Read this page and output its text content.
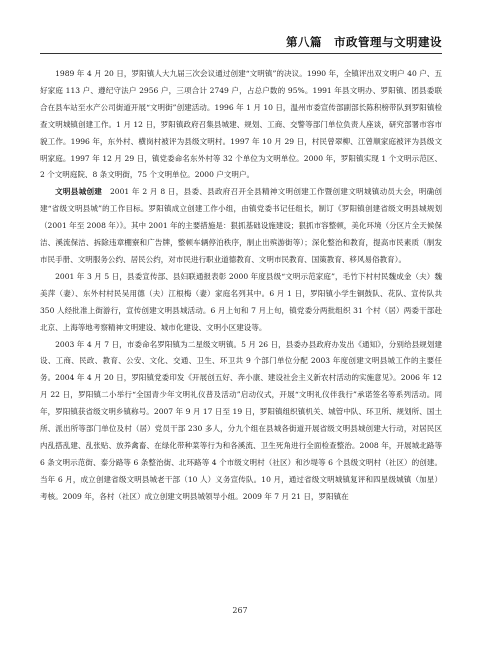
第八篇　市政管理与文明建设

1989 年 4 月 20 日，罗阳镇人大九届三次会议通过创建“文明镇”的决议。1990 年，全镇评出双文明户 40 户、五好家庭 113 户、遵纪守法户 2956 户，三项合计 2749 户，占总户数的 95%。1991 年县文明办、罗阳镇、团县委联合在县车站至水产公司街道开展“文明街”创建活动。1996 年 1 月 10 日，温州市委宣传部副部长陈积榜带队到罗阳镇检查文明城镇创建工作。1 月 12 日，罗阳镇政府召集县城建、规划、工商、交警等部门单位负责人座谈，研究部署市容市貌工作。1996 年，东外村、横岗村被评为县级文明村。1997 年 10 月 29 日，村民曾翠柳、江曾顺家庭被评为县级文明家庭。1997 年 12 月 29 日，镇党委命名东外村等 32 个单位为文明单位。2000 年，罗阳镇实现 1 个文明示范区、2 个文明庭院、8 条文明街，75 个文明单位。2000 户文明户。

文明县城创建　 2001 年 2 月 8 日，县委、县政府召开全县精神文明创建工作暨创建文明城镇动员大会，明确创建“省级文明县城”的工作目标。罗阳镇成立创建工作小组，由镇党委书记任组长，制订《罗阳镇创建省级文明县城规划（2001 年至 2008 年）》。其中 2001 年的主要措施是：狠抓基础设施建设；狠抓市容整顿，美化环境（分区片全天候保洁、溪流保洁、拆除违章棚寮和广告牌，整顿车辆停泊秩序，制止出殡游街等）；深化整治和教育，提高市民素质（制发市民手册、文明服务公约、居民公约，对市民进行职业道德教育、文明市民教育、国策教育、移风易俗教育）。

2001 年 3 月 5 日，县委宣传部、县妇联通报表彰 2000 年度县级“文明示范家庭”，毛竹下村村民魏成金（夫）魏美萍（妻）、东外村村民吴用德（夫）江根梅（妻）家庭名列其中。6 月 1 日，罗阳镇小学生铜鼓队、花队、宣传队共 350 人经批准上街游行，宣传创建文明县城活动。6 月上旬和 7 月上旬，镇党委分两批组织 31 个村（居）两委干部赴北京、上海等地考察精神文明建设、城市化建设、文明小区建设等。

2003 年 4 月 7 日，市委命名罗阳镇为二星级文明镇。5 月 26 日，县委办县政府办发出《通知》，分别给县规划建设、工商、民政、教育、公安、文化、交通、卫生、环卫共 9 个部门单位分配 2003 年度创建文明县城工作的主要任务。2004 年 4 月 20 日，罗阳镇党委印发《开展创五好、奔小康、建设社会主义新农村活动的实施意见》。2006 年 12 月 22 日，罗阳镇二小举行“全国青少年文明礼仪普及活动”启动仪式，开展“文明礼仪伴我行”承诺签名等系列活动。同年，罗阳镇获省级文明乡镇称号。2007 年 9 月 17 日至 19 日，罗阳镇组织镇机关、城管中队、环卫所、规划所、国土所、派出所等部门单位及村（居）党员干部 230 多人，分九个组在县城各街道开展省级文明县城创建大行动，对居民区内乱搭乱建、乱张贴、放养禽畜、在绿化带种菜等行为和各溪流、卫生死角进行全面检查整治。2008 年，开展城北路等 6 条文明示范街、泰分路等 6 条整治街、北环路等 4 个市级文明村（社区）和沙堤等 6 个县级文明村（社区）的创建。当年 6 月，成立创建省级文明县城老干部（10 人）义务宣传队。10 月，通过省级文明城镇复评和四星级城镇（加星）考核。2009 年，各村（社区）成立创建文明县城领导小组。2009 年 7 月 21 日，罗阳镇在

267
